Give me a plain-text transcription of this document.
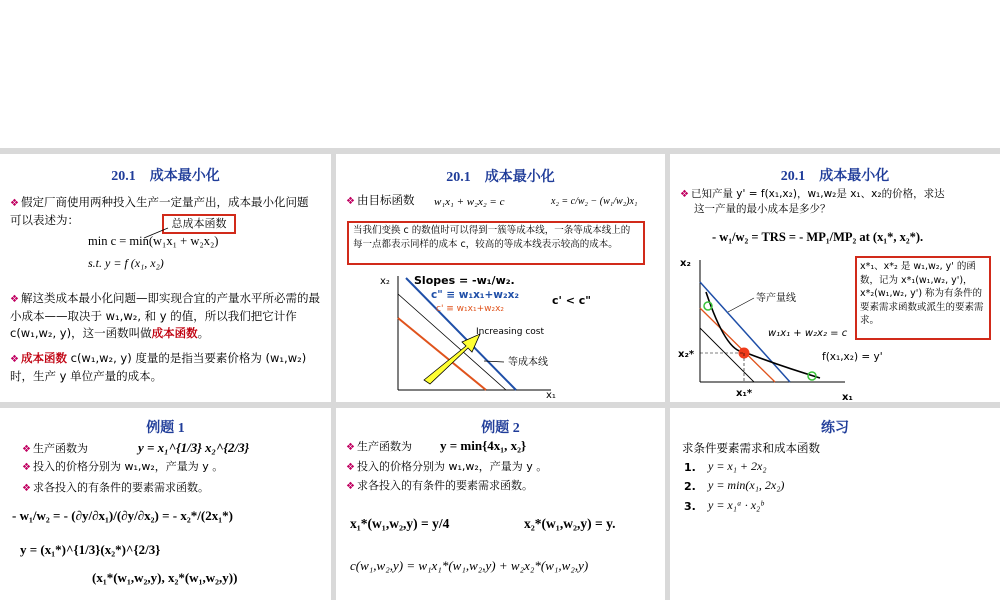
20.1　成本最小化
❖ 假定厂商使用两种投入生产一定量产出，成本最小化问题可以表述为：	总成本函数
min c = min(w₁x₁ + w₂x₂)
s.t. y = f (x₁, x₂)
❖ 解这类成本最小化问题—即实现合宜的产量水平所必需的最小成本——取决于 w₁,w₂, 和 y 的值，所以我们把它计作 c(w₁,w₂, y)，这一函数叫做成本函数。
❖ 成本函数 c(w₁,w₂, y) 度量的是指当要素价格为 (w₁,w₂) 时，生产 y 单位产量的成本。
20.1　成本最小化
❖ 由目标函数 w₁x₁ + w₂x₂ = c	x₂ = c/w₂ − (w₁/w₂)x₁
当我们变换 c 的数值时可以得到一簇等成本线，一条等成本线上的每一点都表示同样的成本 c，较高的等成本线表示较高的成本。
x₂
x₁
Slopes = -w₁/w₂.
c" ≡ w₁x₁+w₂x₂
c' ≡ w₁x₁+w₂x₂
c' < c"
Increasing cost
等成本线
20.1　成本最小化
❖ 已知产量 y' = f(x₁,x₂)，w₁,w₂是 x₁、x₂的价格，求达
这一产量的最小成本是多少？
- w₁/w₂ = TRS = - MP₁/MP₂ at (x₁*, x₂*).
x₂
x₁
x₂*
x₁*
等产量线
w₁x₁ + w₂x₂ = c
f(x₁,x₂) = y'
x*₁、x*₂ 是 w₁,w₂, y' 的函数，记为 x*₁(w₁,w₂, y')，x*₂(w₁,w₂, y') 称为有条件的要素需求函数或派生的要素需求。
例题 1
❖ 生产函数为	y = x₁^{1/3} x₂^{2/3}
❖ 投入的价格分别为 w₁,w₂，产量为 y 。
❖ 求各投入的有条件的要素需求函数。
- w₁/w₂ = - (∂y/∂x₁)/(∂y/∂x₂) = - x₂*/(2x₁*)
y = (x₁*)^{1/3}(x₂*)^{2/3}
(x₁*(w₁,w₂,y), x₂*(w₁,w₂,y))
例题 2
❖ 生产函数为 y = min{4x₁, x₂}
❖ 投入的价格分别为 w₁,w₂，产量为 y 。
❖ 求各投入的有条件的要素需求函数。
x₁*(w₁,w₂,y) = y/4	x₂*(w₁,w₂,y) = y.
c(w₁,w₂,y) = w₁x₁*(w₁,w₂,y) + w₂x₂*(w₁,w₂,y)
练习
求条件要素需求和成本函数
1. y = x₁ + 2x₂
2. y = min(x₁, 2x₂)
3. y = x₁ᵃ · x₂ᵇ
